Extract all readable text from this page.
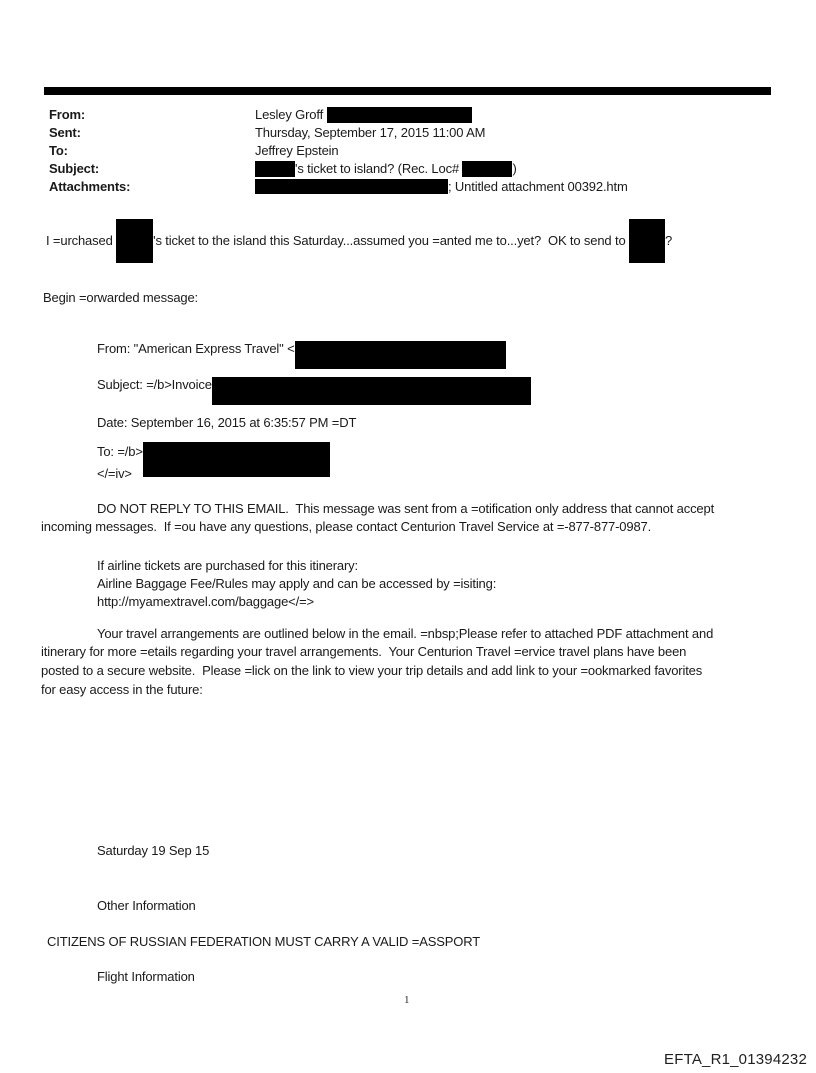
From:	Lesley Groff
Sent:	Thursday, September 17, 2015 11:00 AM
To:	Jeffrey Epstein
Subject:	's ticket to island? (Rec. Loc#	)
Attachments:	; Untitled attachment 00392.htm
I =urchased	's ticket to the island this Saturday...assumed you =anted me to...yet?  OK to send to	?
Begin =orwarded message:
From: "American Express Travel" <
Subject: =/b>Invoice
Date: September 16, 2015 at 6:35:57 PM =DT
To: =/b>
</=iv>
DO NOT REPLY TO THIS EMAIL.  This message was sent from a =otification only address that cannot accept
incoming messages.  If =ou have any questions, please contact Centurion Travel Service at =-877-877-0987.
If airline tickets are purchased for this itinerary:
Airline Baggage Fee/Rules may apply and can be accessed by =isiting:
http://myamextravel.com/baggage</=>
Your travel arrangements are outlined below in the email. =nbsp;Please refer to attached PDF attachment and
itinerary for more =etails regarding your travel arrangements.  Your Centurion Travel =ervice travel plans have been
posted to a secure website.  Please =lick on the link to view your trip details and add link to your =ookmarked favorites
for easy access in the future:
Saturday 19 Sep 15
Other Information
CITIZENS OF RUSSIAN FEDERATION MUST CARRY A VALID =ASSPORT
Flight Information
1
EFTA_R1_01394232
